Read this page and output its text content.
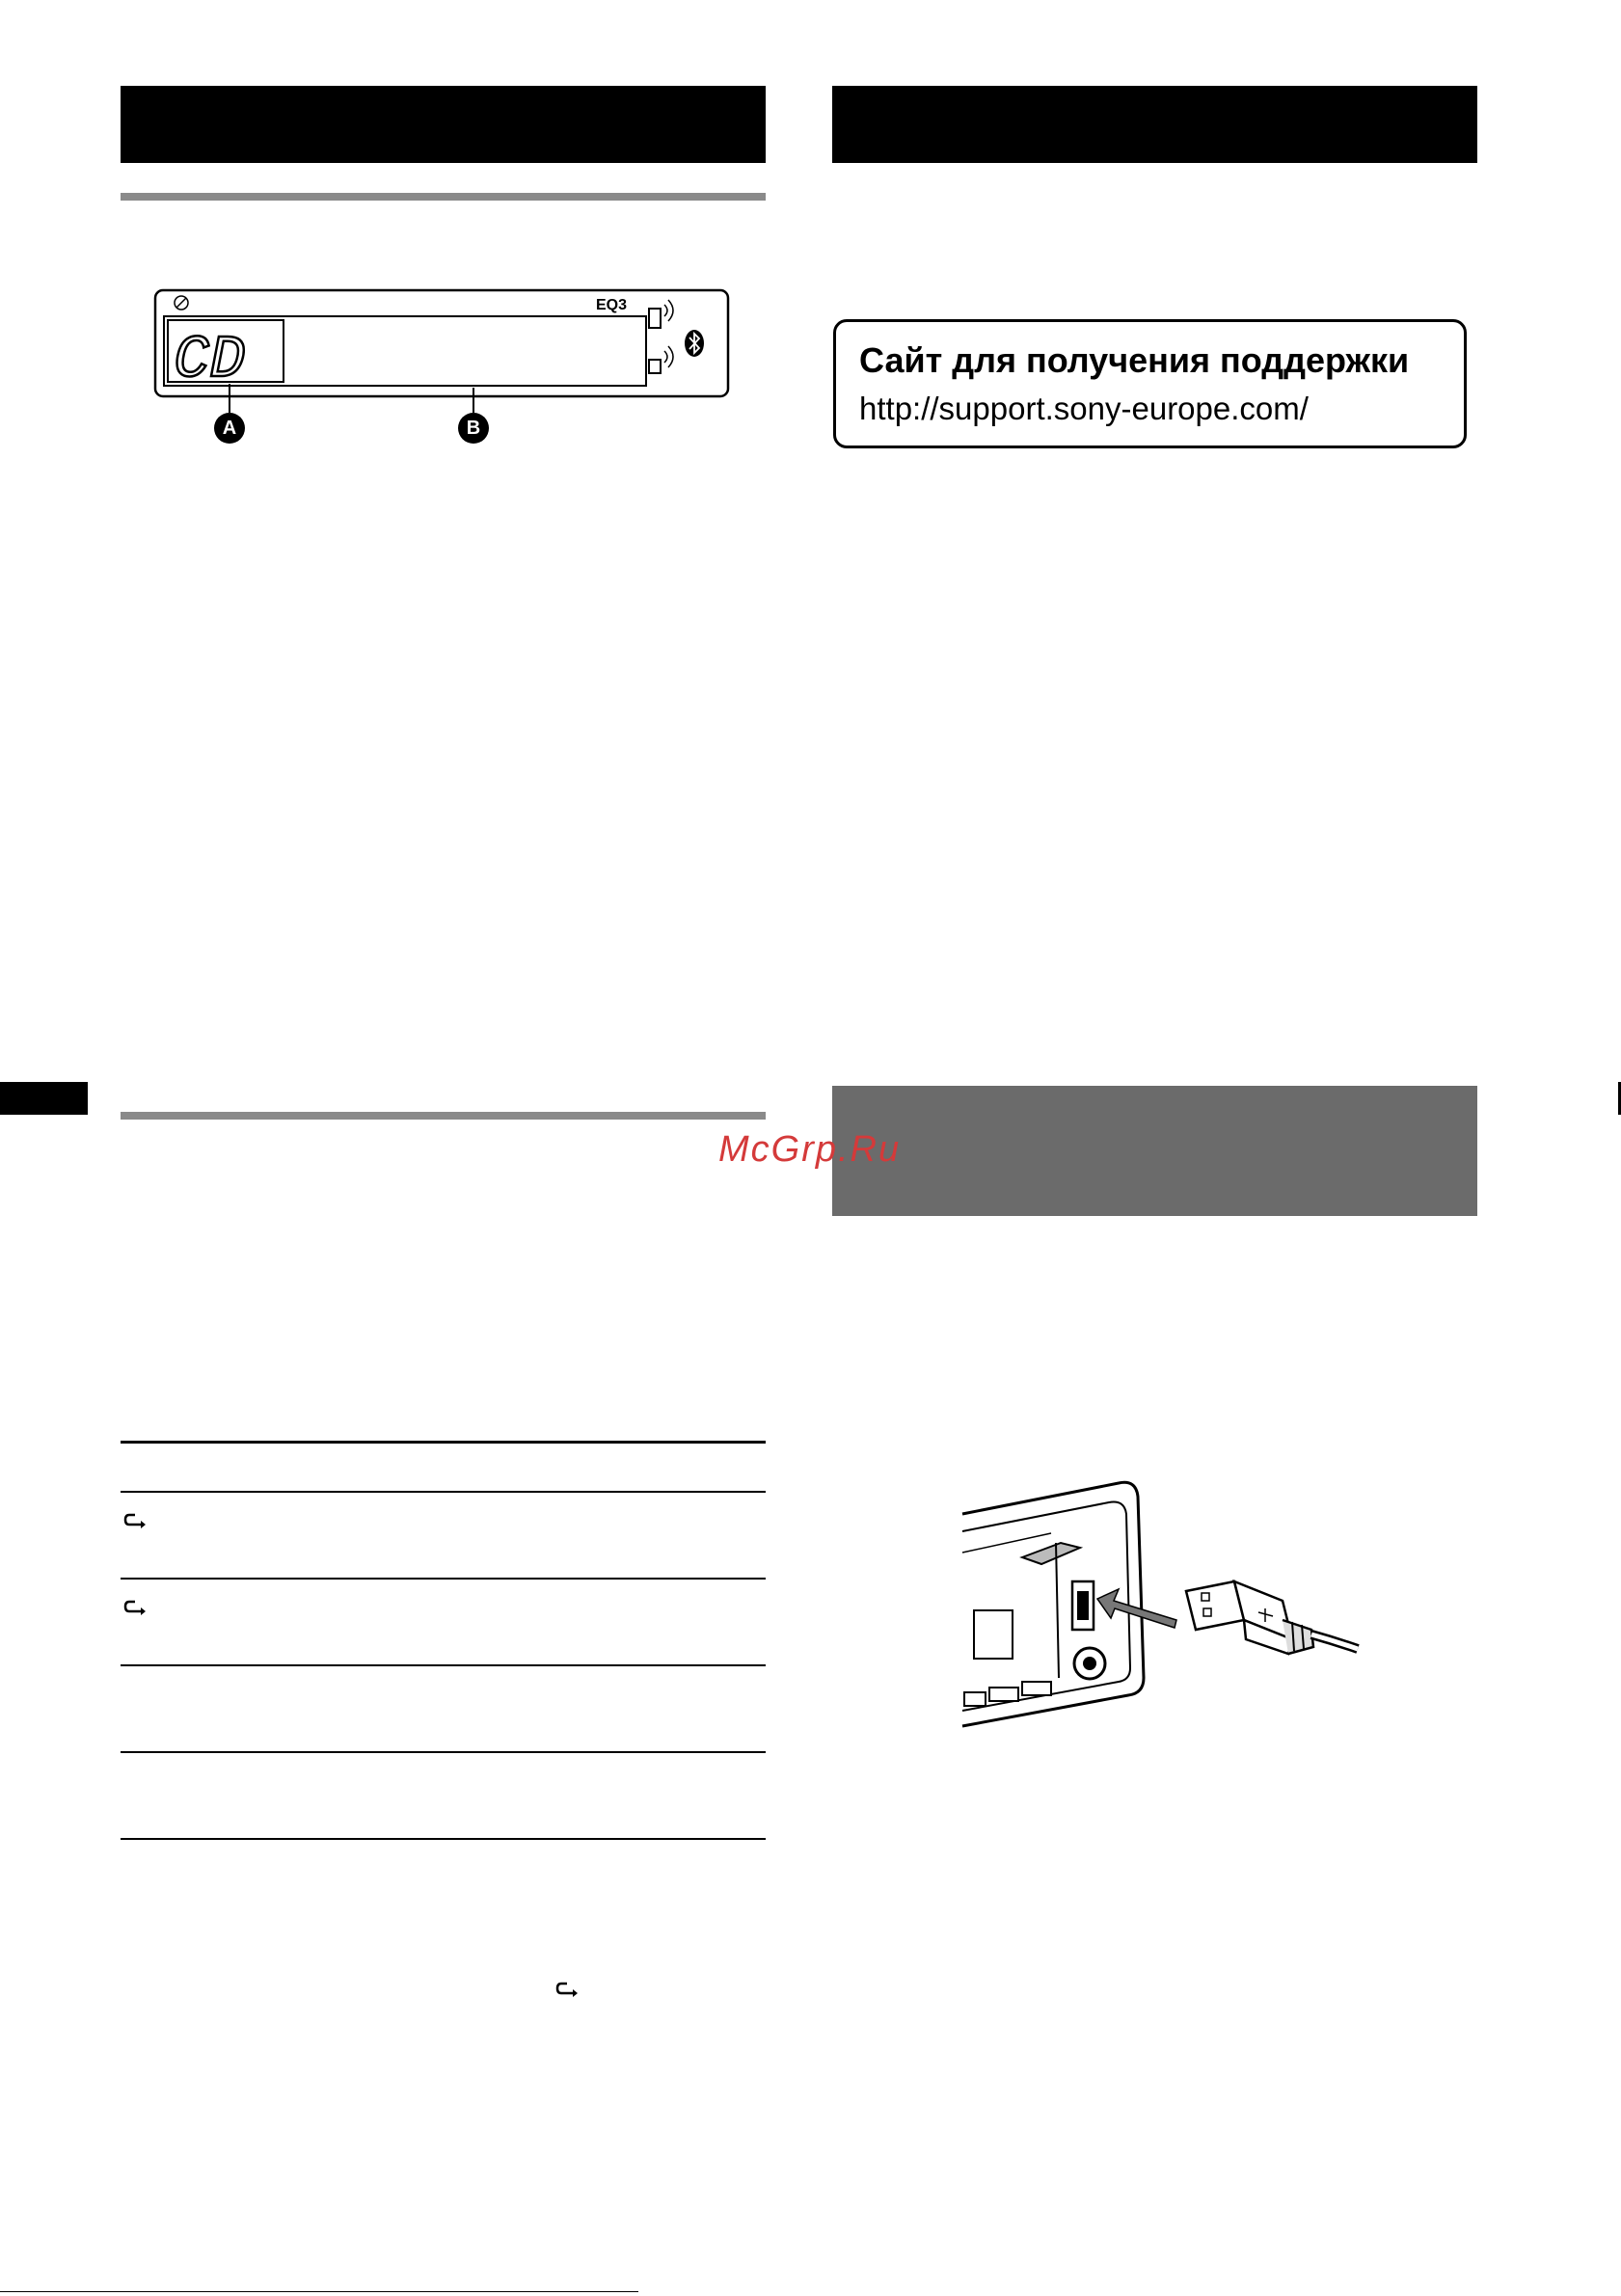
EQ3
CD
A	B
Сайт для получения поддержки
http://support.sony-europe.com/
McGrp.Ru
